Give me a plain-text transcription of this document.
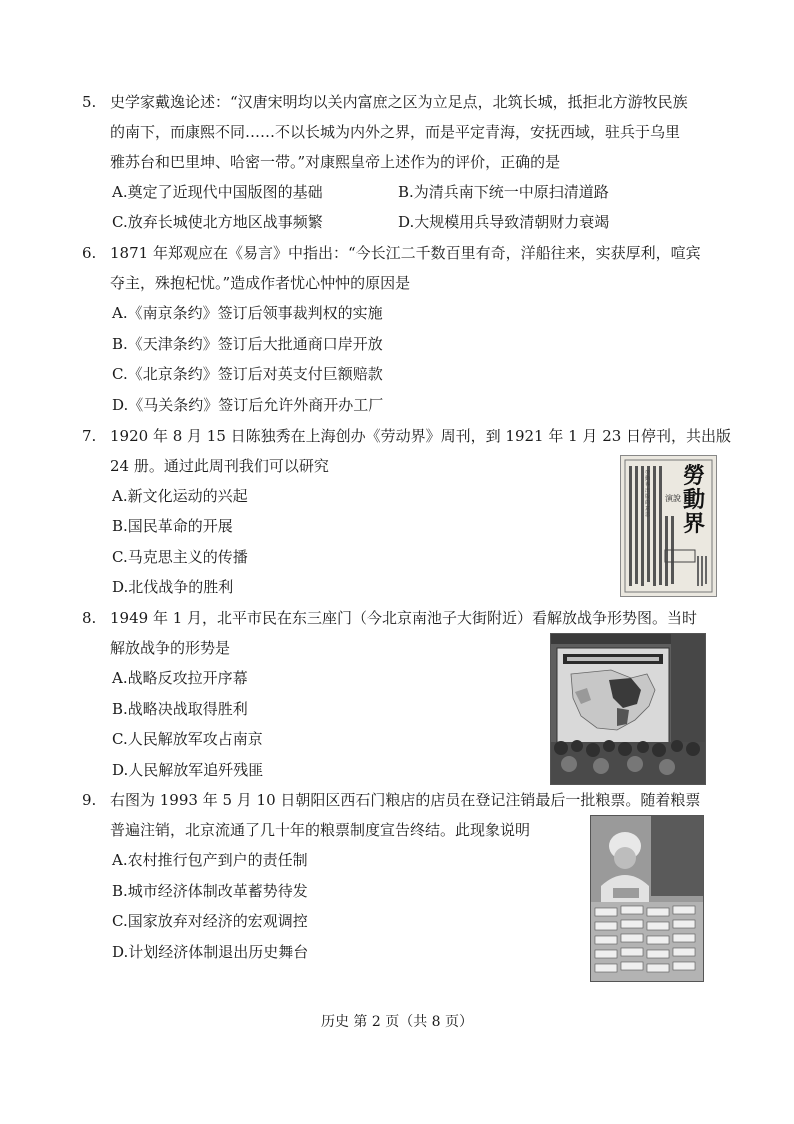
5. 史学家戴逸论述：“汉唐宋明均以关内富庶之区为立足点，北筑长城，抵拒北方游牧民族
的南下，而康熙不同……不以长城为内外之界，而是平定青海，安抚西域，驻兵于乌里
雅苏台和巴里坤、哈密一带。”对康熙皇帝上述作为的评价，正确的是
A.奠定了近现代中国版图的基础	B.为清兵南下统一中原扫清道路
C.放弃长城使北方地区战事频繁	D.大规模用兵导致清朝财力衰竭
6. 1871 年郑观应在《易言》中指出：“今长江二千数百里有奇，洋船往来，实获厚利，喧宾
夺主，殊抱杞忧。”造成作者忧心忡忡的原因是
A.《南京条约》签订后领事裁判权的实施
B.《天津条约》签订后大批通商口岸开放
C.《北京条约》签订后对英支付巨额赔款
D.《马关条约》签订后允许外商开办工厂
7. 1920 年 8 月 15 日陈独秀在上海创办《劳动界》周刊，到 1921 年 1 月 23 日停刊，共出版
24 册。通过此周刊我们可以研究
A.新文化运动的兴起
B.国民革命的开展
C.马克思主义的传播
D.北伐战争的胜利
勞動界
演說
勞動界出版的意思
8. 1949 年 1 月，北平市民在东三座门（今北京南池子大街附近）看解放战争形势图。当时
解放战争的形势是
A.战略反攻拉开序幕
B.战略决战取得胜利
C.人民解放军攻占南京
D.人民解放军追歼残匪
9. 右图为 1993 年 5 月 10 日朝阳区西石门粮店的店员在登记注销最后一批粮票。随着粮票
普遍注销，北京流通了几十年的粮票制度宣告终结。此现象说明
A.农村推行包产到户的责任制
B.城市经济体制改革蓄势待发
C.国家放弃对经济的宏观调控
D.计划经济体制退出历史舞台
历史 第 2 页（共 8 页）
